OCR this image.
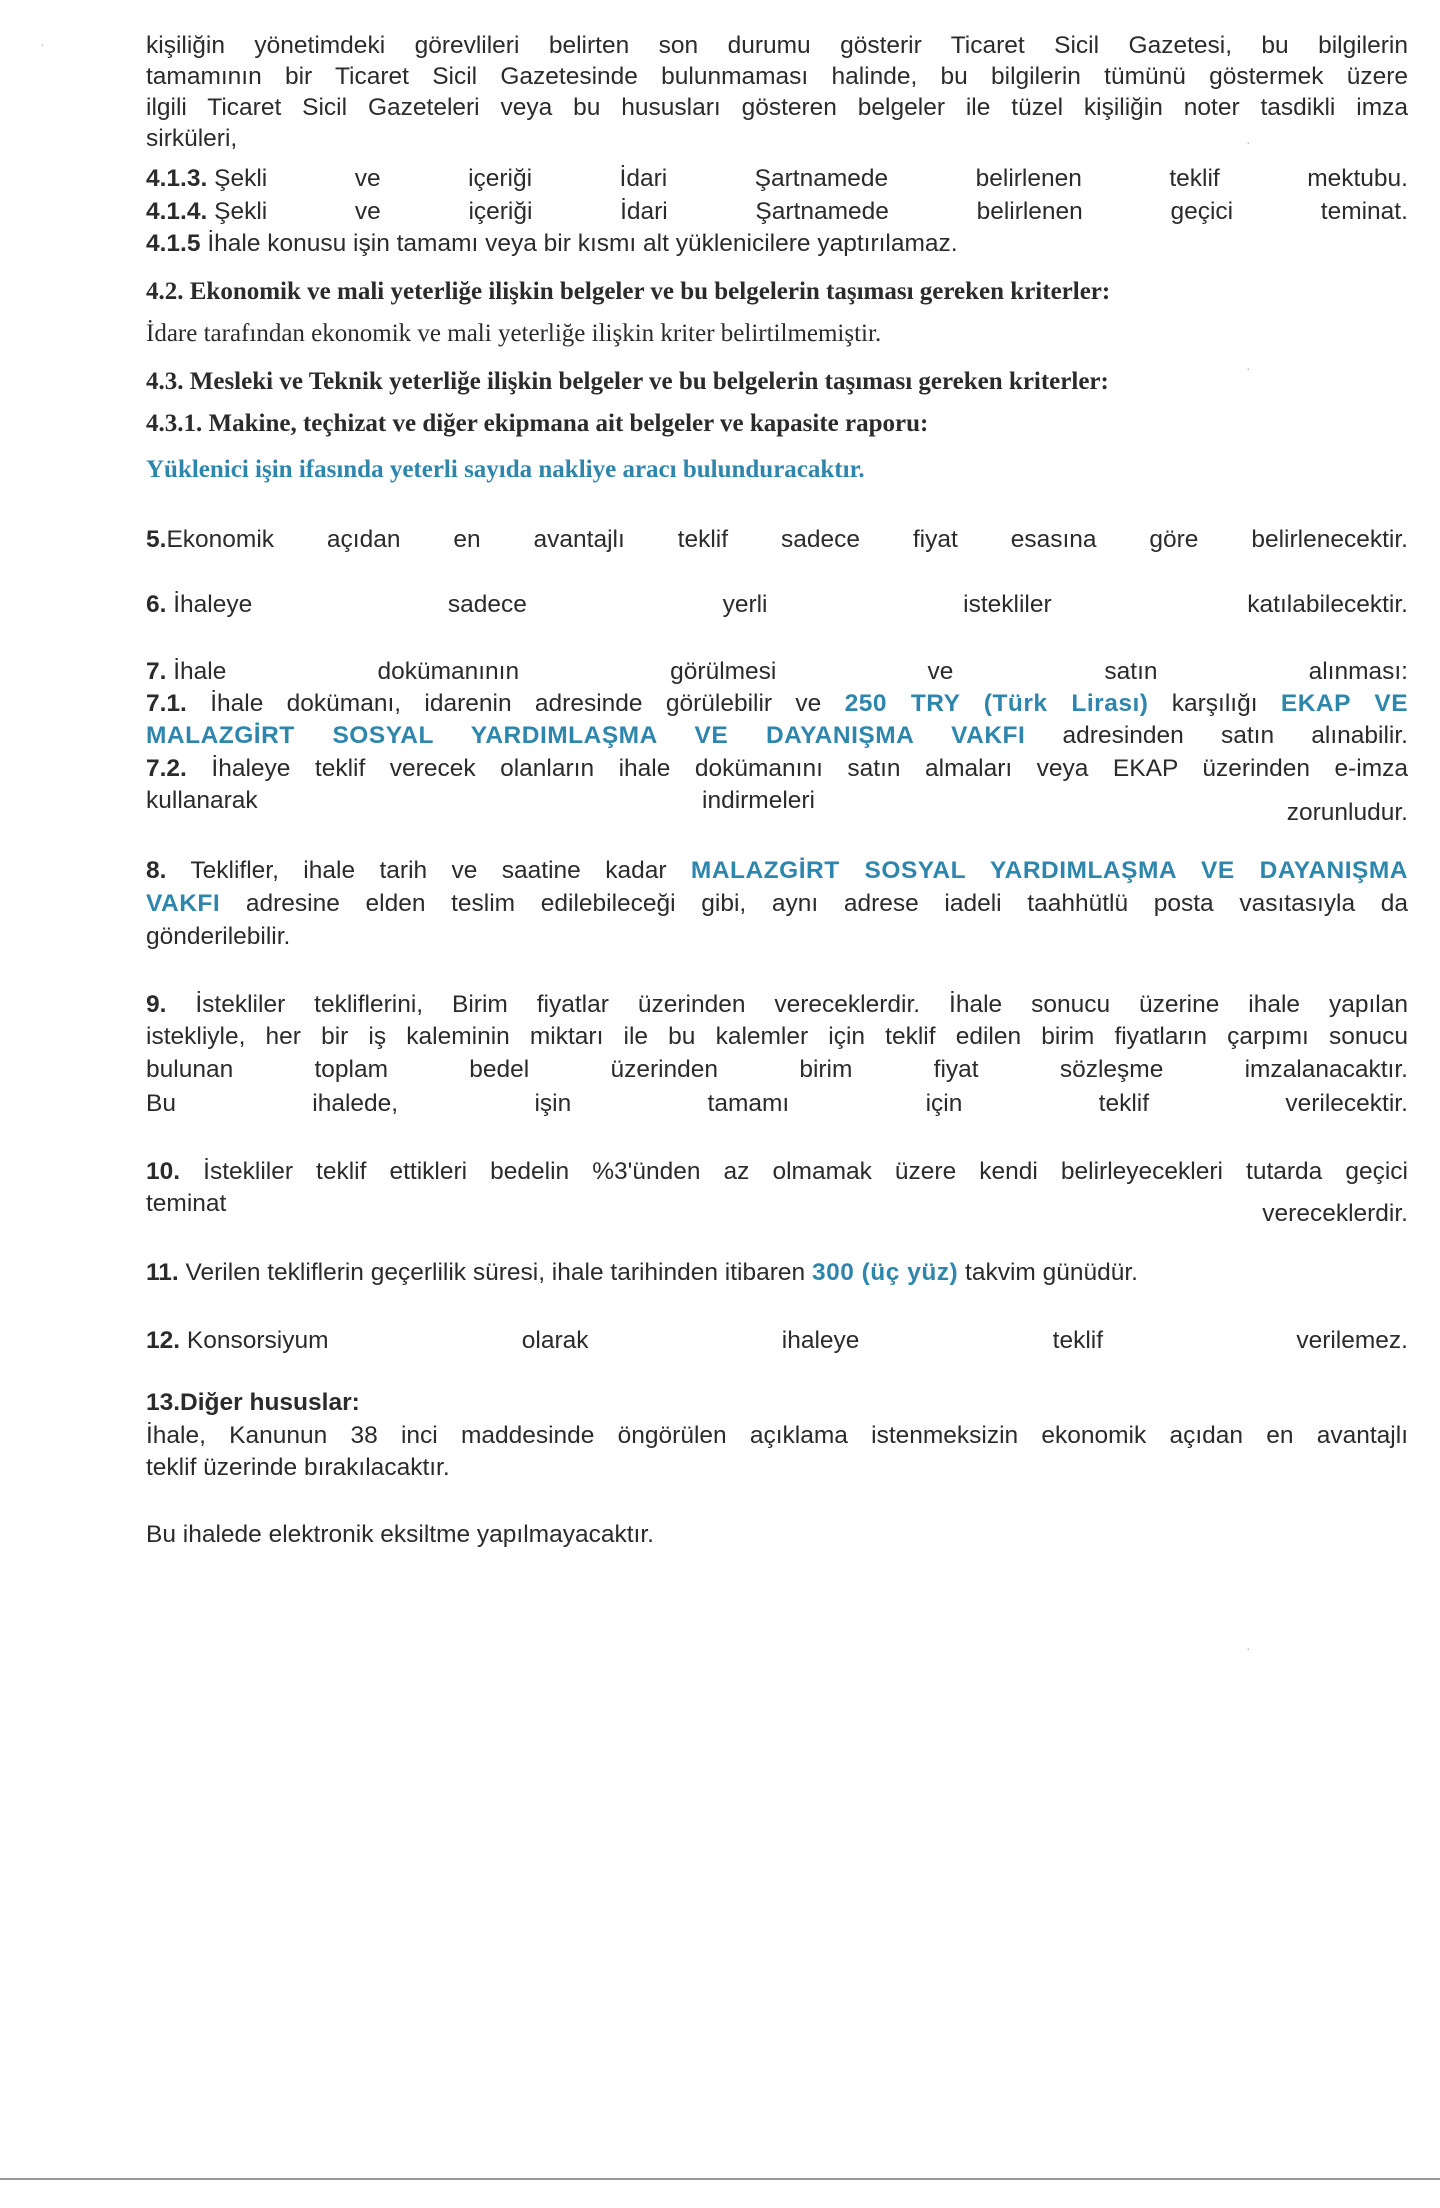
kişiliğin yönetimdeki görevlileri belirten son durumu gösterir Ticaret Sicil Gazetesi, bu bilgilerin
tamamının bir Ticaret Sicil Gazetesinde bulunmaması halinde, bu bilgilerin tümünü göstermek üzere
ilgili Ticaret Sicil Gazeteleri veya bu hususları gösteren belgeler ile tüzel kişiliğin noter tasdikli imza
sirküleri,
4.1.3. Şekli	ve	içeriği	İdari	Şartnamede	belirlenen	teklif	mektubu.
4.1.4. Şekli	ve	içeriği	İdari	Şartnamede	belirlenen	geçici	teminat.
4.1.5 İhale konusu işin tamamı veya bir kısmı alt yüklenicilere yaptırılamaz.
4.2. Ekonomik ve mali yeterliğe ilişkin belgeler ve bu belgelerin taşıması gereken kriterler:
İdare tarafından ekonomik ve mali yeterliğe ilişkin kriter belirtilmemiştir.
4.3. Mesleki ve Teknik yeterliğe ilişkin belgeler ve bu belgelerin taşıması gereken kriterler:
4.3.1. Makine, teçhizat ve diğer ekipmana ait belgeler ve kapasite raporu:
Yüklenici işin ifasında yeterli sayıda nakliye aracı bulunduracaktır.
5.Ekonomik açıdan en avantajlı teklif sadece fiyat esasına göre belirlenecektir.
6. İhaleye	sadece	yerli	istekliler	katılabilecektir.
7. İhale	dokümanının	görülmesi	ve	satın	alınması:
7.1. İhale dokümanı, idarenin adresinde görülebilir ve 250 TRY (Türk Lirası) karşılığı EKAP VE
MALAZGİRT SOSYAL YARDIMLAŞMA VE DAYANIŞMA VAKFI adresinden satın alınabilir.
7.2. İhaleye teklif verecek olanların ihale dokümanını satın almaları veya EKAP üzerinden e-imza
kullanarak	indirmeleri	zorunludur.
8. Teklifler, ihale tarih ve saatine kadar MALAZGİRT SOSYAL YARDIMLAŞMA VE DAYANIŞMA
VAKFI adresine elden teslim edilebileceği gibi, aynı adrese iadeli taahhütlü posta vasıtasıyla da
gönderilebilir.
9. İstekliler tekliflerini, Birim fiyatlar üzerinden vereceklerdir. İhale sonucu üzerine ihale yapılan
istekliyle, her bir iş kaleminin miktarı ile bu kalemler için teklif edilen birim fiyatların çarpımı sonucu
bulunan	toplam	bedel	üzerinden	birim	fiyat	sözleşme	imzalanacaktır.
Bu	ihalede,	işin	tamamı	için	teklif	verilecektir.
10. İstekliler teklif ettikleri bedelin %3'ünden az olmamak üzere kendi belirleyecekleri tutarda geçici
teminat	vereceklerdir.
11. Verilen tekliflerin geçerlilik süresi, ihale tarihinden itibaren 300 (üç yüz) takvim günüdür.
12. Konsorsiyum	olarak	ihaleye	teklif	verilemez.
13.Diğer hususlar:
İhale, Kanunun 38 inci maddesinde öngörülen açıklama istenmeksizin ekonomik açıdan en avantajlı
teklif üzerinde bırakılacaktır.
Bu ihalede elektronik eksiltme yapılmayacaktır.
·
·
·
·
